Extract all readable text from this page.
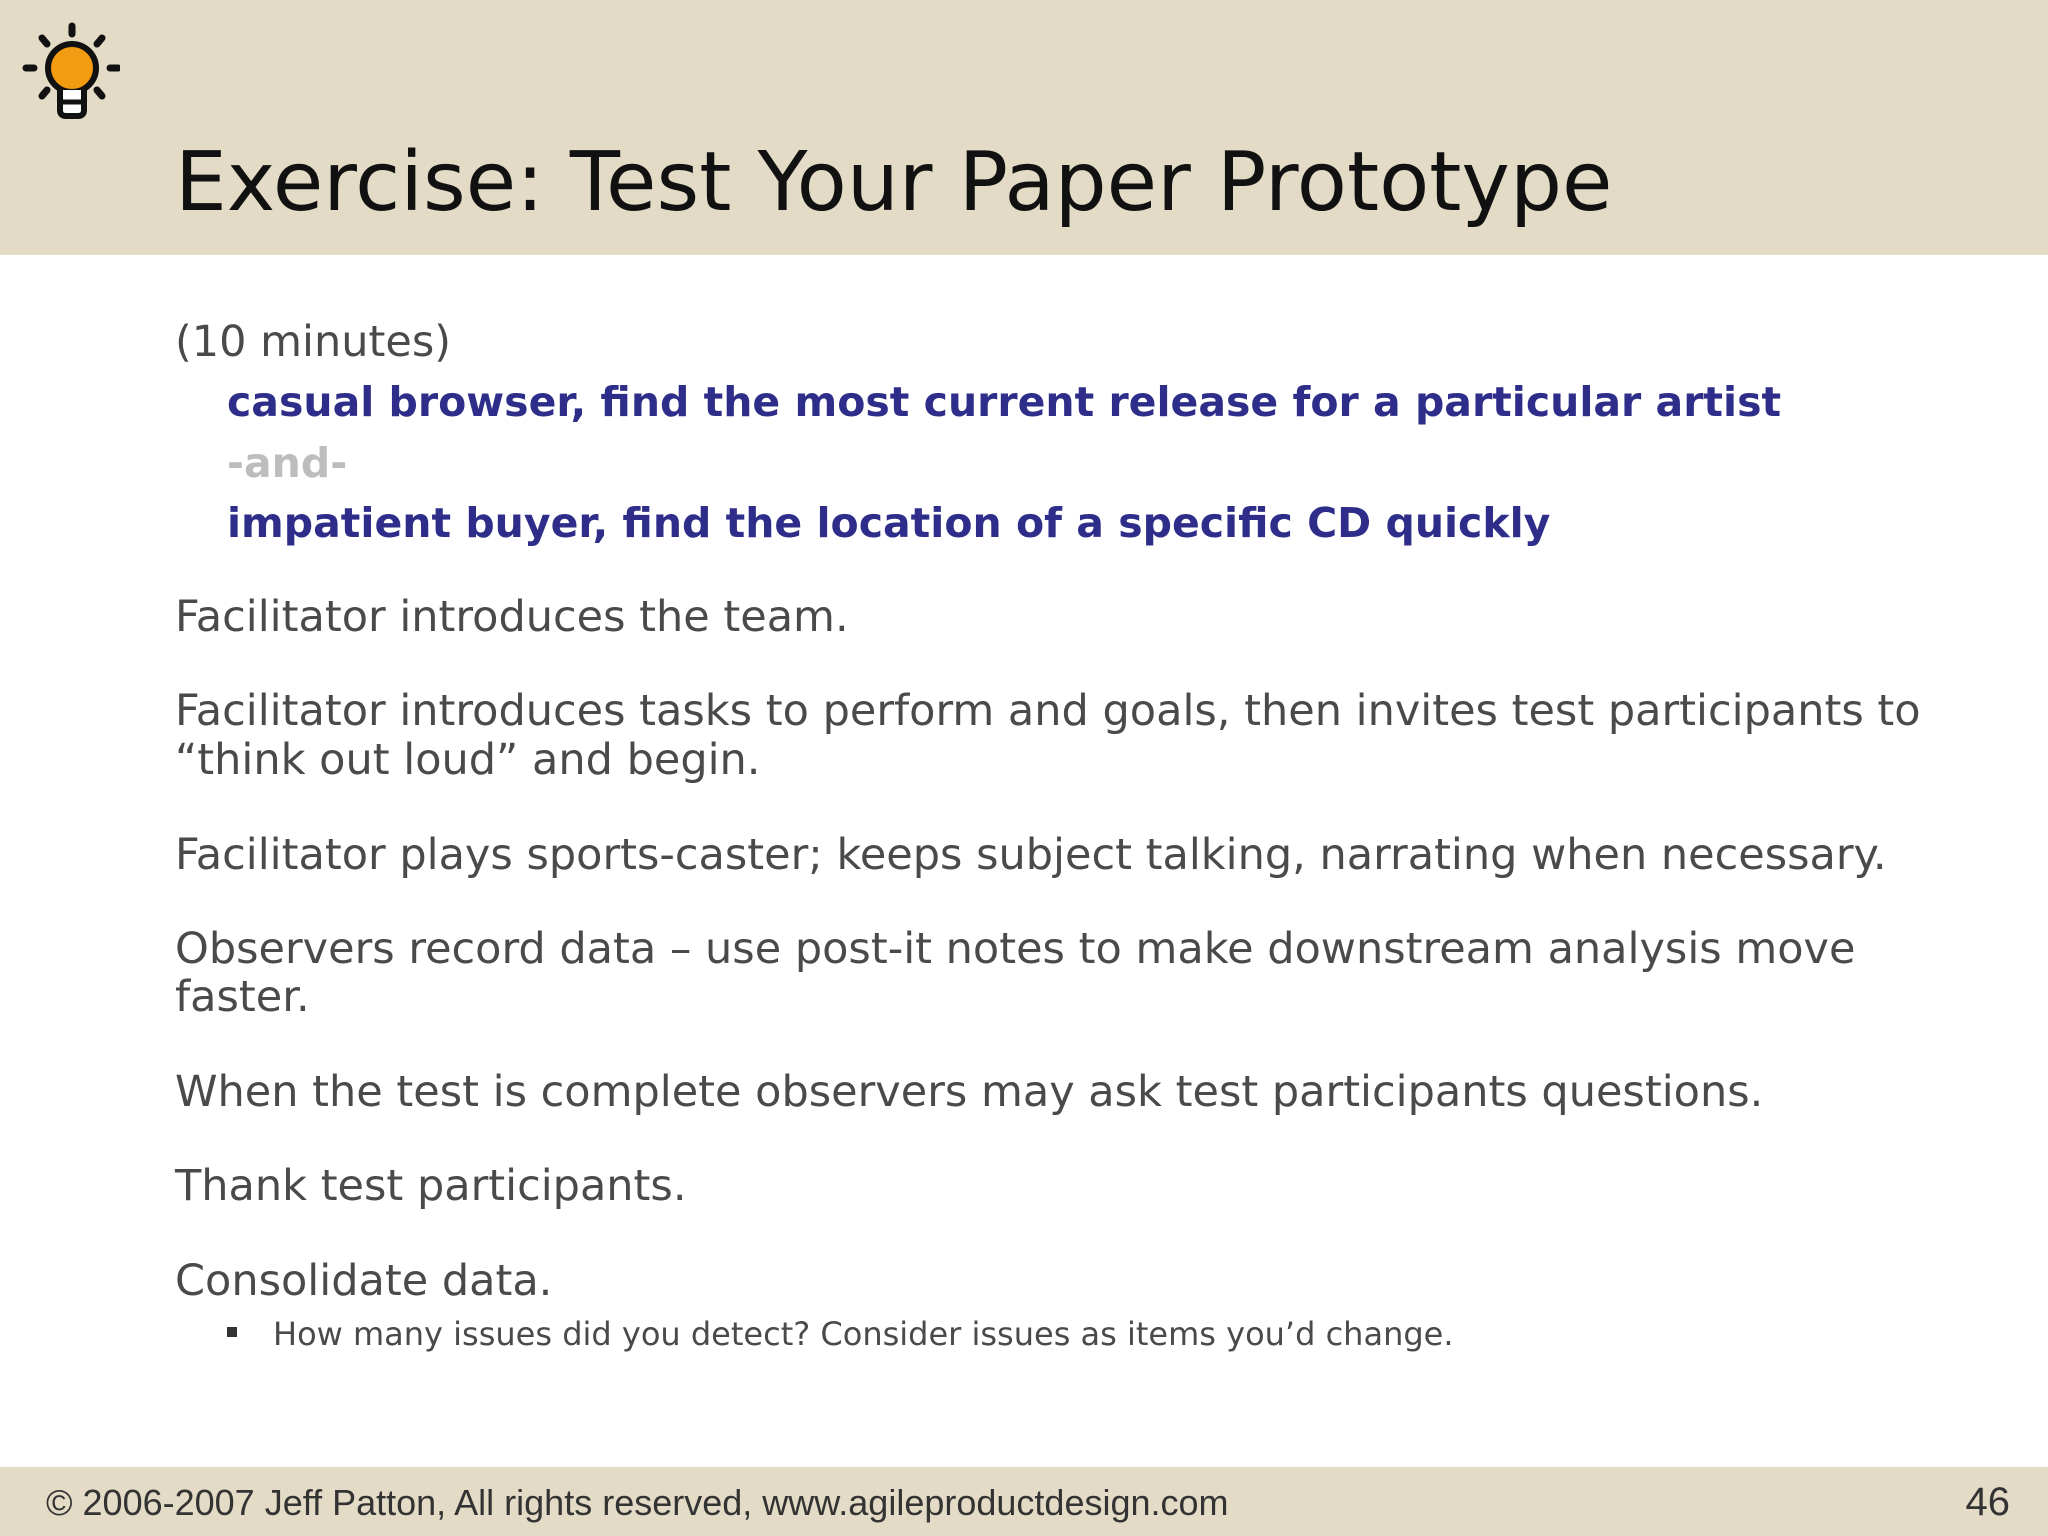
Exercise: Test Your Paper Prototype
(10 minutes)
casual browser, find the most current release for a particular artist
-and-
impatient buyer, find the location of a specific CD quickly
Facilitator introduces the team.
Facilitator introduces tasks to perform and goals, then invites test participants to
“think out loud” and begin.
Facilitator plays sports-caster; keeps subject talking, narrating when necessary.
Observers record data – use post-it notes to make downstream analysis move
faster.
When the test is complete observers may ask test participants questions.
Thank test participants.
Consolidate data.
How many issues did you detect? Consider issues as items you’d change.
© 2006-2007 Jeff Patton, All rights reserved, www.agileproductdesign.com	46
